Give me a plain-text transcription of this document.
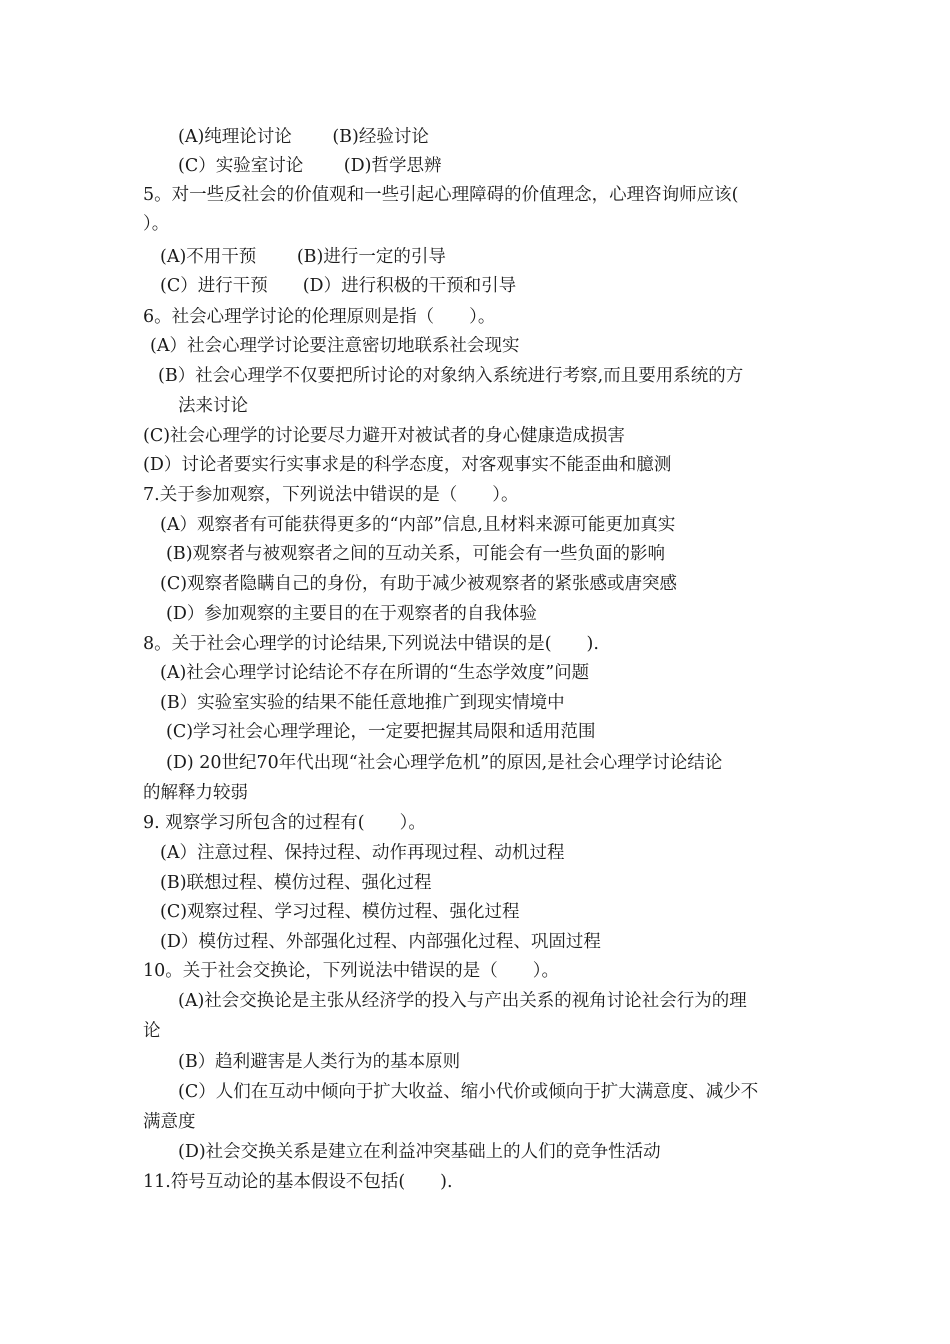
(A)纯理论讨论　　 (B)经验讨论
(C）实验室讨论　　 (D)哲学思辨
5。对一些反社会的价值观和一些引起心理障碍的价值理念，心理咨询师应该(
）。
(A)不用干预　　 (B)进行一定的引导
(C）进行干预　　(D）进行积极的干预和引导
6。社会心理学讨论的伦理原则是指（　　）。
(A）社会心理学讨论要注意密切地联系社会现实
(B）社会心理学不仅要把所讨论的对象纳入系统进行考察,而且要用系统的方
法来讨论
(C)社会心理学的讨论要尽力避开对被试者的身心健康造成损害
(D）讨论者要实行实事求是的科学态度，对客观事实不能歪曲和臆测
7.关于参加观察，下列说法中错误的是（　　）。
(A）观察者有可能获得更多的“内部”信息,且材料来源可能更加真实
(B)观察者与被观察者之间的互动关系，可能会有一些负面的影响
(C)观察者隐瞒自己的身份，有助于减少被观察者的紧张感或唐突感
(D）参加观察的主要目的在于观察者的自我体验
8。关于社会心理学的讨论结果,下列说法中错误的是(　　).
(A)社会心理学讨论结论不存在所谓的“生态学效度”问题
(B）实验室实验的结果不能任意地推广到现实情境中
(C)学习社会心理学理论，一定要把握其局限和适用范围
(D) 20世纪70年代出现“社会心理学危机”的原因,是社会心理学讨论结论
的解释力较弱
9. 观察学习所包含的过程有(　　）。
(A）注意过程、保持过程、动作再现过程、动机过程
(B)联想过程、模仿过程、强化过程
(C)观察过程、学习过程、模仿过程、强化过程
(D）模仿过程、外部强化过程、内部强化过程、巩固过程
10。关于社会交换论，下列说法中错误的是（　　）。
(A)社会交换论是主张从经济学的投入与产出关系的视角讨论社会行为的理
论
(B）趋利避害是人类行为的基本原则
(C）人们在互动中倾向于扩大收益、缩小代价或倾向于扩大满意度、减少不
满意度
(D)社会交换关系是建立在利益冲突基础上的人们的竞争性活动
11.符号互动论的基本假设不包括(　　).
